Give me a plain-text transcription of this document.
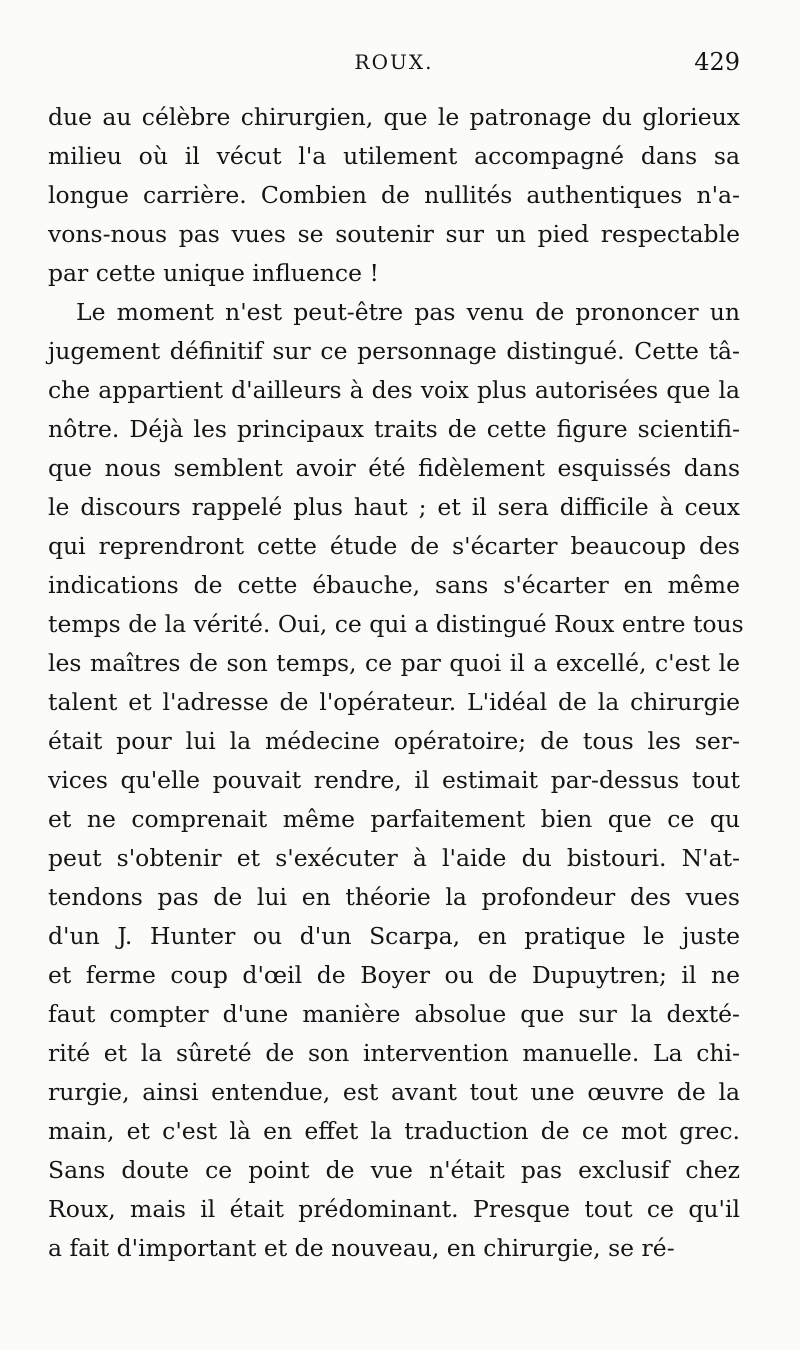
ROUX.	429
due au célèbre chirurgien, que le patronage du glorieux
milieu où il vécut l'a utilement accompagné dans sa
longue carrière. Combien de nullités authentiques n'a-
vons-nous pas vues se soutenir sur un pied respectable
par cette unique influence !
Le moment n'est peut-être pas venu de prononcer un
jugement définitif sur ce personnage distingué. Cette tâ-
che appartient d'ailleurs à des voix plus autorisées que la
nôtre. Déjà les principaux traits de cette figure scientifi-
que nous semblent avoir été fidèlement esquissés dans
le discours rappelé plus haut ; et il sera difficile à ceux
qui reprendront cette étude de s'écarter beaucoup des
indications de cette ébauche, sans s'écarter en même
temps de la vérité. Oui, ce qui a distingué Roux entre tous
les maîtres de son temps, ce par quoi il a excellé, c'est le
talent et l'adresse de l'opérateur. L'idéal de la chirurgie
était pour lui la médecine opératoire; de tous les ser-
vices qu'elle pouvait rendre, il estimait par-dessus tout
et ne comprenait même parfaitement bien que ce qu
peut s'obtenir et s'exécuter à l'aide du bistouri. N'at-
tendons pas de lui en théorie la profondeur des vues
d'un J. Hunter ou d'un Scarpa, en pratique le juste
et ferme coup d'œil de Boyer ou de Dupuytren; il ne
faut compter d'une manière absolue que sur la dexté-
rité et la sûreté de son intervention manuelle. La chi-
rurgie, ainsi entendue, est avant tout une œuvre de la
main, et c'est là en effet la traduction de ce mot grec.
Sans doute ce point de vue n'était pas exclusif chez
Roux, mais il était prédominant. Presque tout ce qu'il
a fait d'important et de nouveau, en chirurgie, se ré-
